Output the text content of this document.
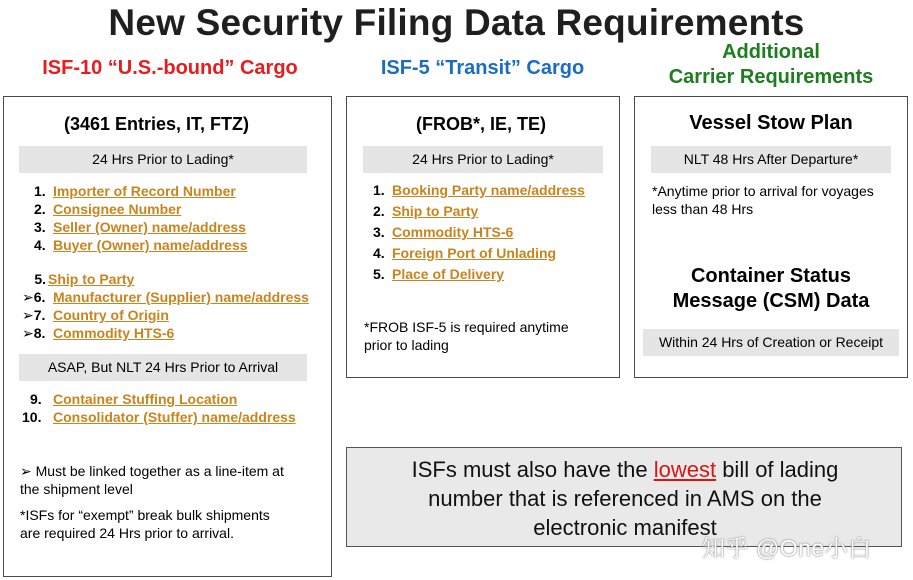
New Security Filing Data Requirements
ISF-10 “U.S.-bound” Cargo	ISF-5 “Transit” Cargo
Additional
Carrier Requirements
(3461 Entries, IT, FTZ)
24 Hrs Prior to Lading*
1. Importer of Record Number
2. Consignee Number
3. Seller (Owner) name/address
4. Buyer (Owner) name/address
5. Ship to Party
➢6. Manufacturer (Supplier) name/address
➢7. Country of Origin
➢8. Commodity HTS-6
ASAP, But NLT 24 Hrs Prior to Arrival
9. Container Stuffing Location
10. Consolidator (Stuffer) name/address
➢ Must be linked together as a line-item at
the shipment level
*ISFs for “exempt” break bulk shipments
are required 24 Hrs prior to arrival.
(FROB*, IE, TE)
24 Hrs Prior to Lading*
1. Booking Party name/address
2. Ship to Party
3. Commodity HTS-6
4. Foreign Port of Unlading
5. Place of Delivery
*FROB ISF-5 is required anytime
prior to lading
Vessel Stow Plan
NLT 48 Hrs After Departure*
*Anytime prior to arrival for voyages
less than 48 Hrs
Container Status
Message (CSM) Data
Within 24 Hrs of Creation or Receipt
ISFs must also have the lowest bill of lading
number that is referenced in AMS on the
electronic manifest
知乎 @One小白
